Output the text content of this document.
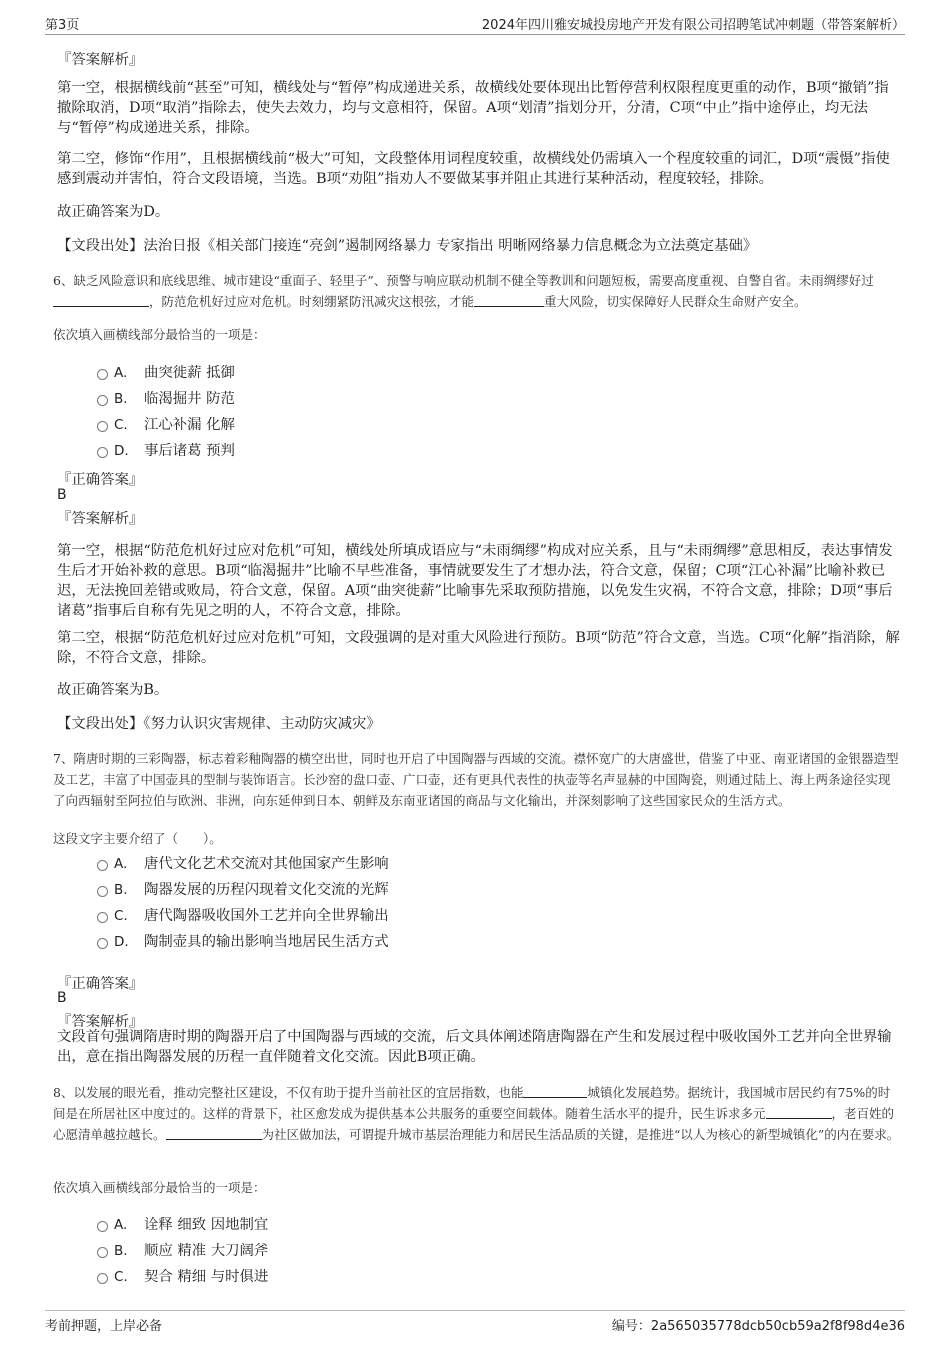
第3页	2024年四川雅安城投房地产开发有限公司招聘笔试冲刺题（带答案解析）
『答案解析』

第一空，根据横线前“甚至”可知，横线处与“暂停”构成递进关系，故横线处要体现出比暂停营利权限程度更重的动作，B项“撤销”指撤除取消，D项“取消”指除去，使失去效力，均与文意相符，保留。A项“划清”指划分开，分清，C项“中止”指中途停止，均无法与“暂停”构成递进关系，排除。

第二空，修饰“作用”，且根据横线前“极大”可知，文段整体用词程度较重，故横线处仍需填入一个程度较重的词汇，D项“震慑”指使感到震动并害怕，符合文段语境，当选。B项“劝阻”指劝人不要做某事并阻止其进行某种活动，程度较轻，排除。

故正确答案为D。

【文段出处】法治日报《相关部门接连“亮剑”遏制网络暴力 专家指出 明晰网络暴力信息概念为立法奠定基础》

6、缺乏风险意识和底线思维、城市建设“重面子、轻里子”、预警与响应联动机制不健全等教训和问题短板，需要高度重视、自警自省。未雨绸缪好过，防范危机好过应对危机。时刻绷紧防汛减灾这根弦，才能	重大风险，切实保障好人民群众生命财产安全。

依次填入画横线部分最恰当的一项是：
A. 曲突徙薪 抵御
B. 临渴掘井 防范
C. 江心补漏 化解
D. 事后诸葛 预判
『正确答案』
B
『答案解析』

第一空，根据“防范危机好过应对危机”可知，横线处所填成语应与“未雨绸缪”构成对应关系，且与“未雨绸缪”意思相反，表达事情发生后才开始补救的意思。B项“临渴掘井”比喻不早些准备，事情就要发生了才想办法，符合文意，保留；C项“江心补漏”比喻补救已迟，无法挽回差错或败局，符合文意，保留。A项“曲突徙薪”比喻事先采取预防措施，以免发生灾祸，不符合文意，排除；D项“事后诸葛”指事后自称有先见之明的人，不符合文意，排除。

第二空，根据“防范危机好过应对危机”可知，文段强调的是对重大风险进行预防。B项“防范”符合文意，当选。C项“化解”指消除，解除，不符合文意，排除。

故正确答案为B。

【文段出处】《努力认识灾害规律、主动防灾减灾》

7、隋唐时期的三彩陶器，标志着彩釉陶器的横空出世，同时也开启了中国陶器与西域的交流。襟怀宽广的大唐盛世，借鉴了中亚、南亚诸国的金银器造型及工艺，丰富了中国壶具的型制与装饰语言。长沙窑的盘口壶、广口壶，还有更具代表性的执壶等名声显赫的中国陶瓷，则通过陆上、海上两条途径实现了向西辐射至阿拉伯与欧洲、非洲，向东延伸到日本、朝鲜及东南亚诸国的商品与文化输出，并深刻影响了这些国家民众的生活方式。

这段文字主要介绍了（　　）。
A. 唐代文化艺术交流对其他国家产生影响
B. 陶器发展的历程闪现着文化交流的光辉
C. 唐代陶器吸收国外工艺并向全世界输出
D. 陶制壶具的输出影响当地居民生活方式
『正确答案』
B
『答案解析』

文段首句强调隋唐时期的陶器开启了中国陶器与西域的交流，后文具体阐述隋唐陶器在产生和发展过程中吸收国外工艺并向全世界输出，意在指出陶器发展的历程一直伴随着文化交流。因此B项正确。

8、以发展的眼光看，推动完整社区建设，不仅有助于提升当前社区的宜居指数，也能	城镇化发展趋势。据统计，我国城市居民约有75%的时间是在所居社区中度过的。这样的背景下，社区愈发成为提供基本公共服务的重要空间载体。随着生活水平的提升，民生诉求多元	，老百姓的心愿清单越拉越长。	为社区做加法，可谓提升城市基层治理能力和居民生活品质的关键，是推进“以人为核心的新型城镇化”的内在要求。

依次填入画横线部分最恰当的一项是：
A. 诠释 细致 因地制宜
B. 顺应 精准 大刀阔斧
C. 契合 精细 与时俱进
考前押题，上岸必备	编号：2a565035778dcb50cb59a2f8f98d4e36
